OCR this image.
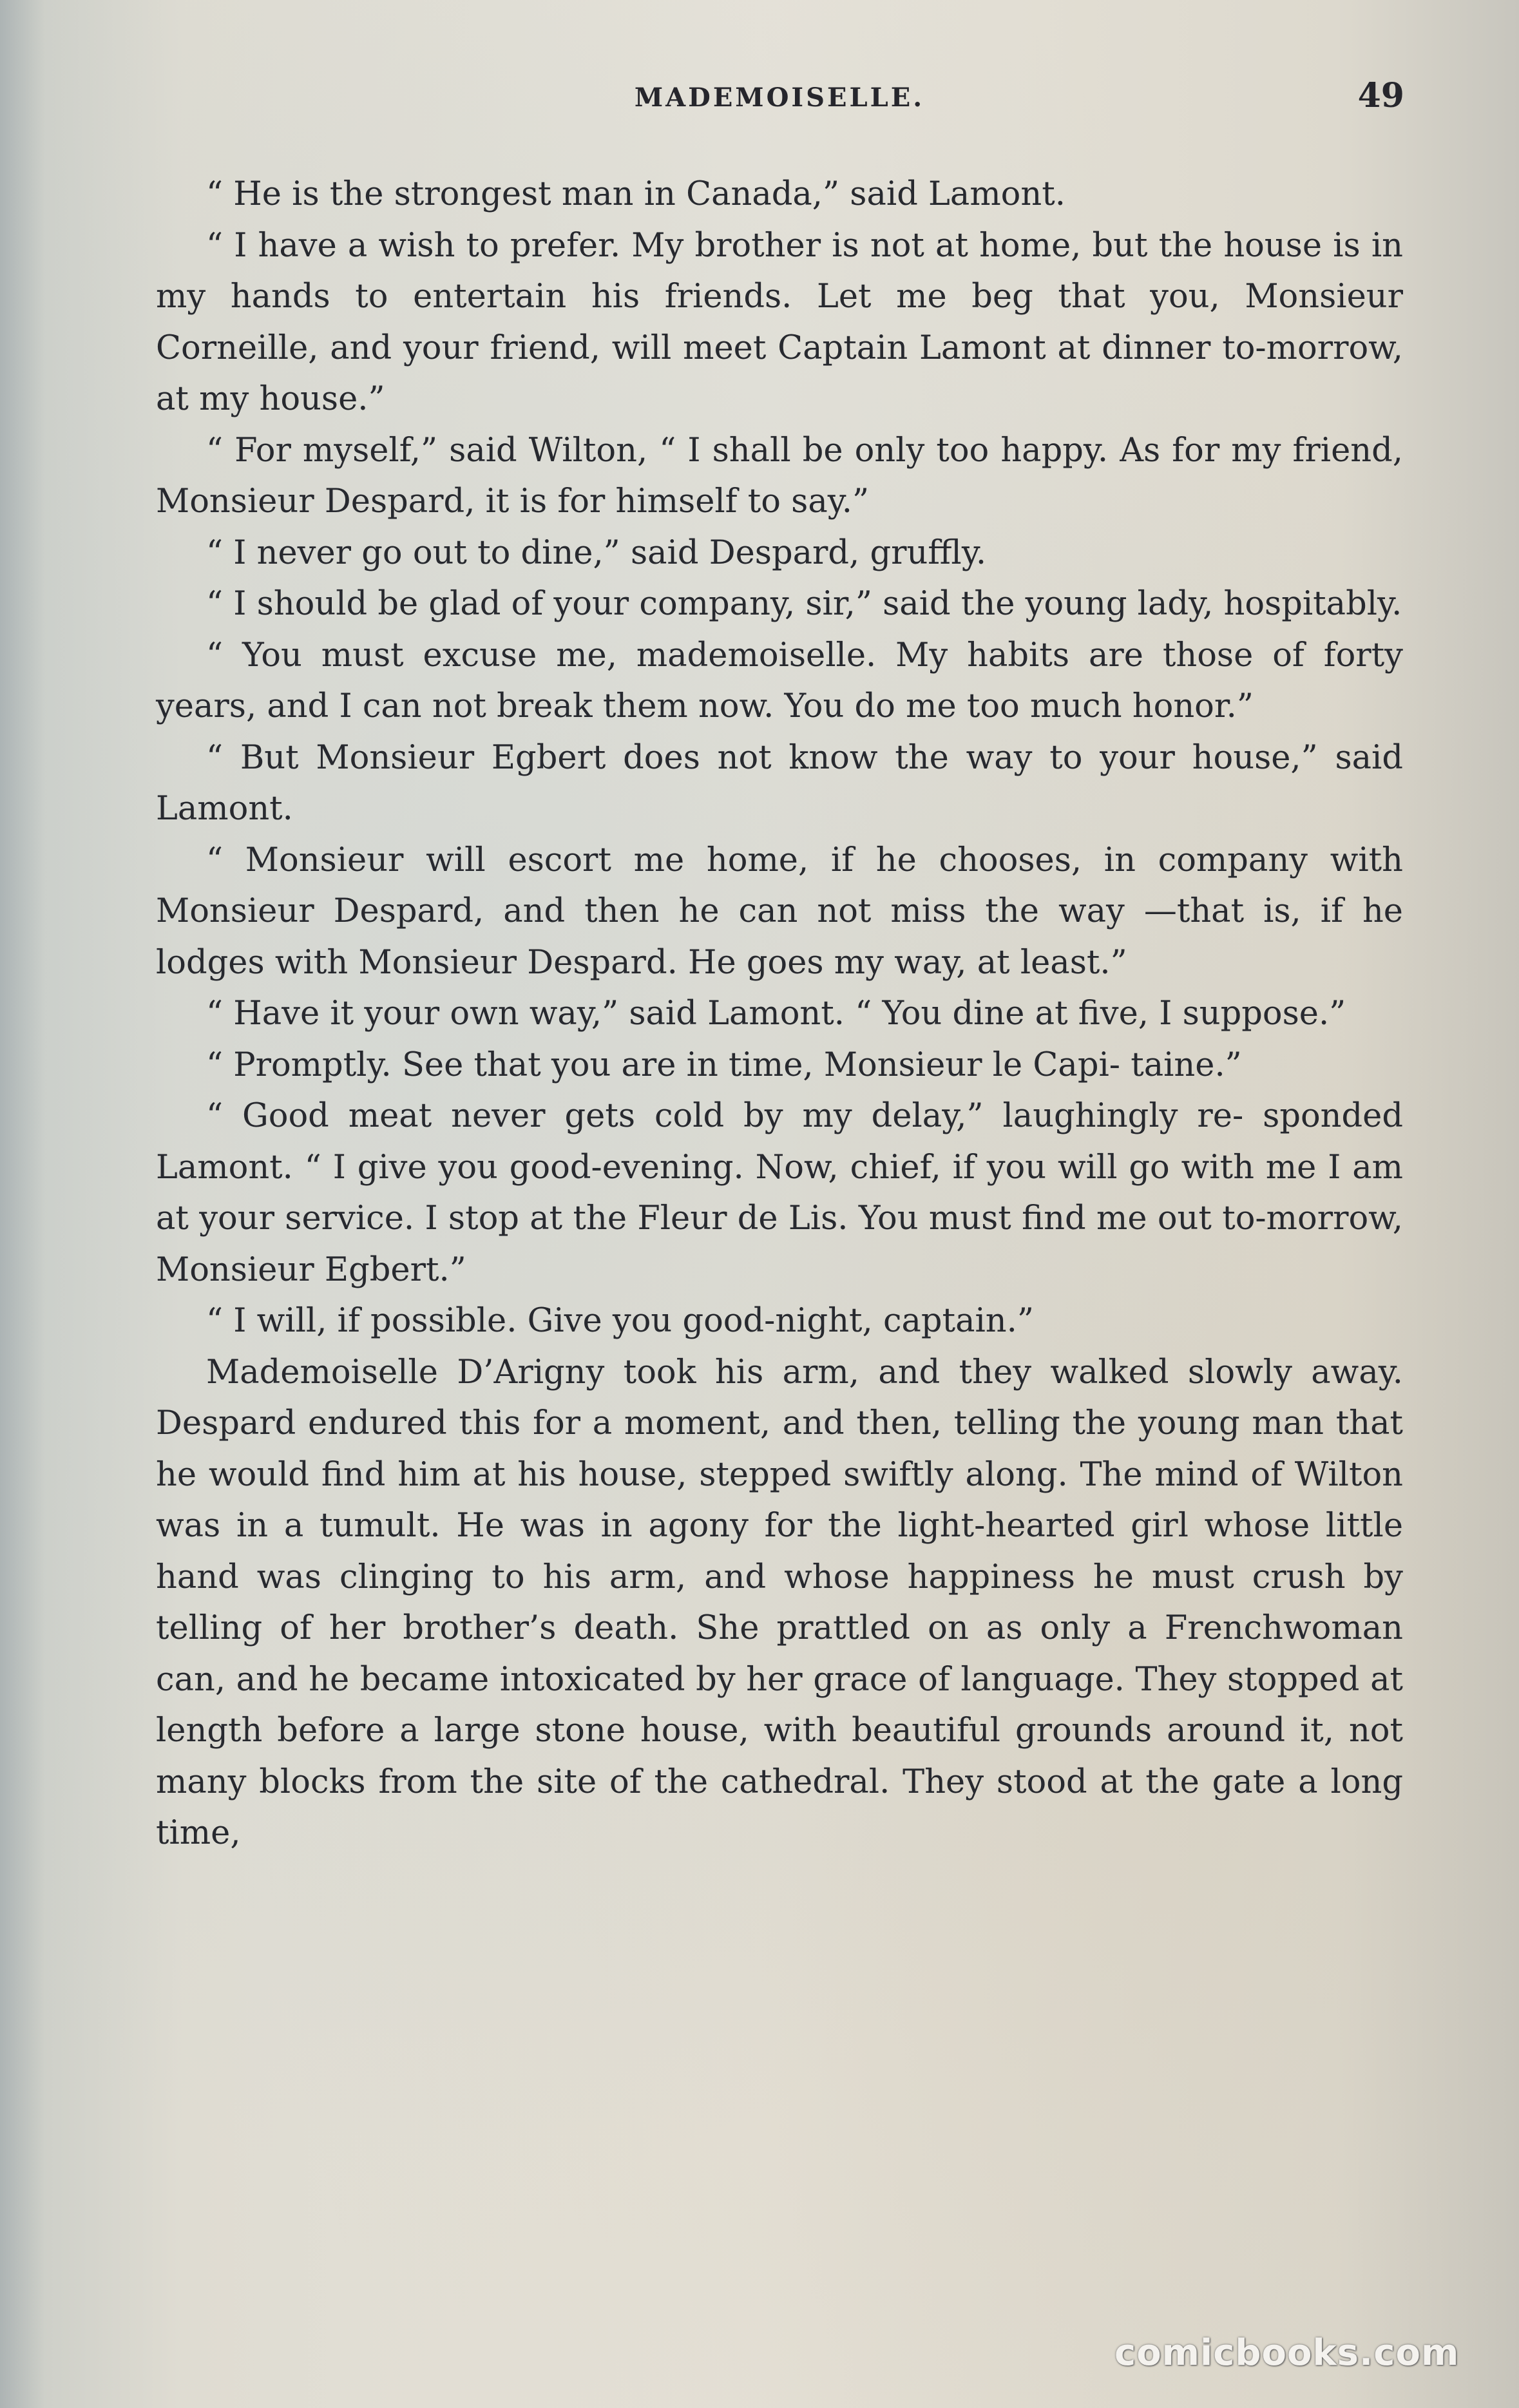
MADEMOISELLE.	49

“ He is the strongest man in Canada,” said Lamont.

“ I have a wish to prefer. My brother is not at home, but the house is in my hands to entertain his friends. Let me beg that you, Monsieur Corneille, and your friend, will meet Captain Lamont at dinner to-morrow, at my house.”

“ For myself,” said Wilton, “ I shall be only too happy. As for my friend, Monsieur Despard, it is for himself to say.”

“ I never go out to dine,” said Despard, gruffly.

“ I should be glad of your company, sir,” said the young lady, hospitably.

“ You must excuse me, mademoiselle. My habits are those of forty years, and I can not break them now. You do me too much honor.”

“ But Monsieur Egbert does not know the way to your house,” said Lamont.

“ Monsieur will escort me home, if he chooses, in company with Monsieur Despard, and then he can not miss the way —that is, if he lodges with Monsieur Despard. He goes my way, at least.”

“ Have it your own way,” said Lamont. “ You dine at five, I suppose.”

“ Promptly. See that you are in time, Monsieur le Capi- taine.”

“ Good meat never gets cold by my delay,” laughingly re- sponded Lamont. “ I give you good-evening. Now, chief, if you will go with me I am at your service. I stop at the Fleur de Lis. You must find me out to-morrow, Monsieur Egbert.”

“ I will, if possible. Give you good-night, captain.”

Mademoiselle D’Arigny took his arm, and they walked slowly away. Despard endured this for a moment, and then, telling the young man that he would find him at his house, stepped swiftly along. The mind of Wilton was in a tumult. He was in agony for the light-hearted girl whose little hand was clinging to his arm, and whose happiness he must crush by telling of her brother’s death. She prattled on as only a Frenchwoman can, and he became intoxicated by her grace of language. They stopped at length before a large stone house, with beautiful grounds around it, not many blocks from the site of the cathedral. They stood at the gate a long time,

comicbooks.com
